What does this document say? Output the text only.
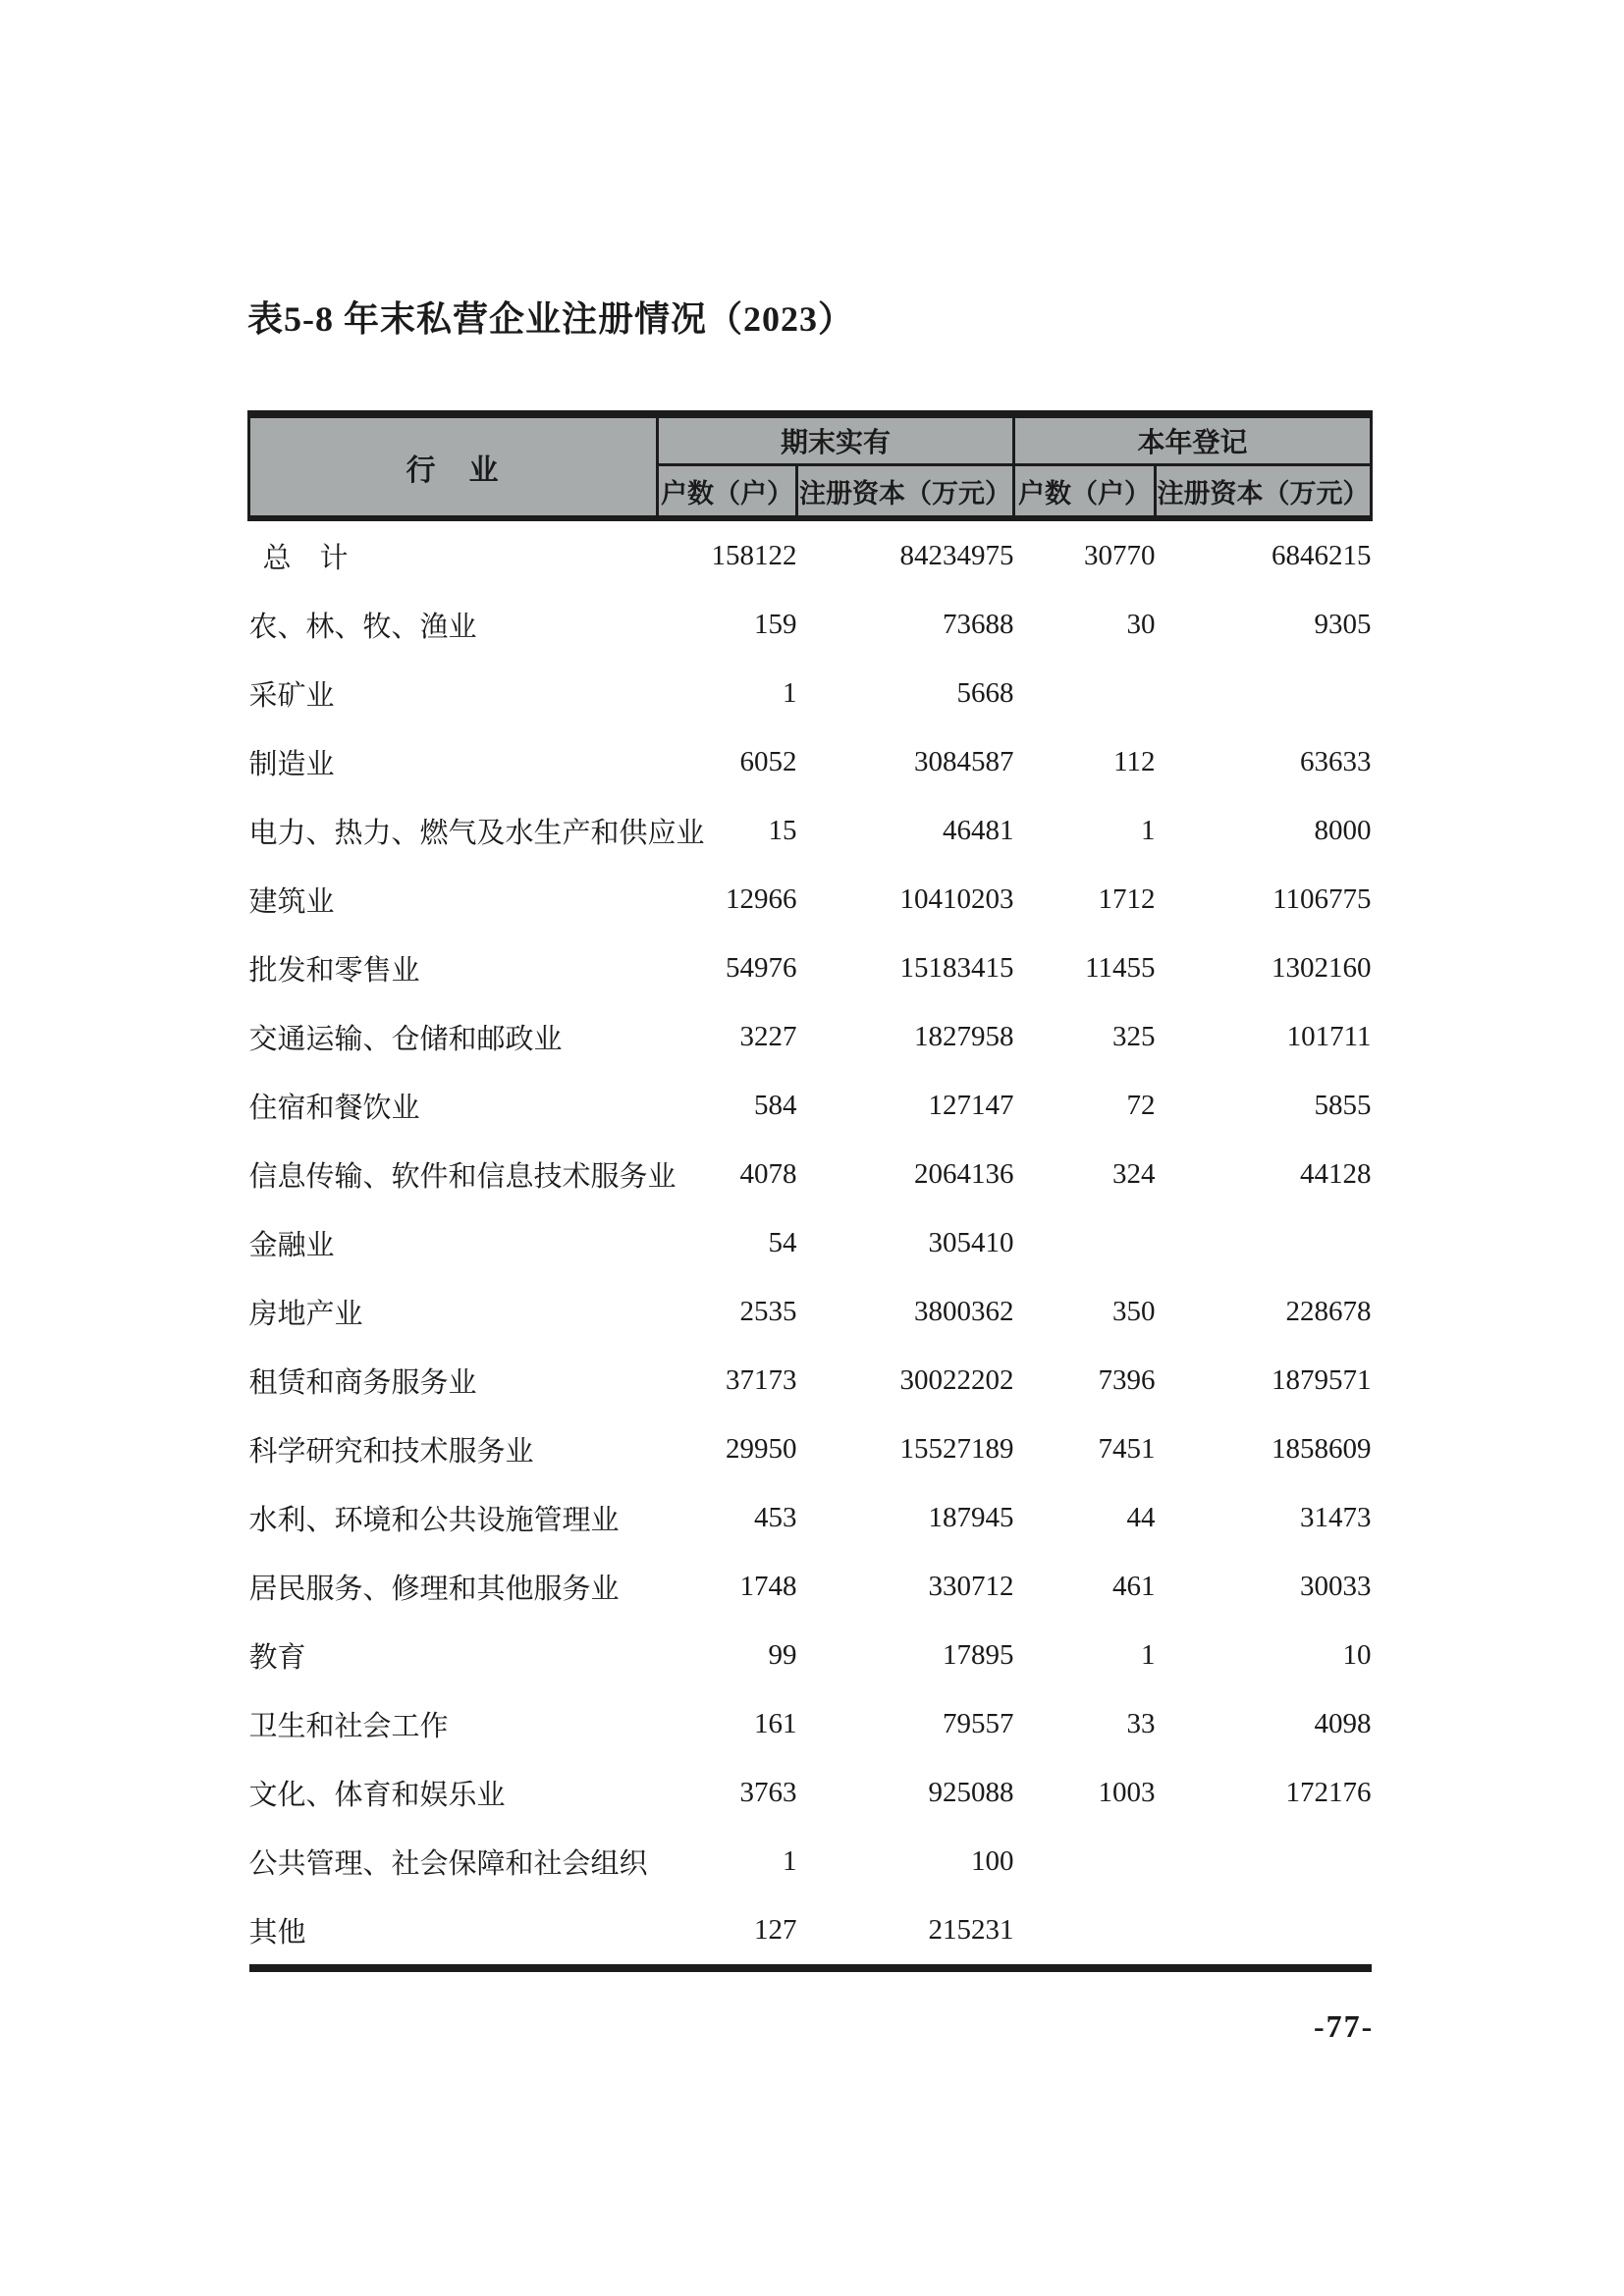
表5-8 年末私营企业注册情况（2023）
行　业	期末实有		本年登记	
	户数（户）	注册资本（万元）	户数（户）	注册资本（万元）
总　计	158122	84234975	30770	6846215
农、林、牧、渔业	159	73688	30	9305
采矿业	1	5668		
制造业	6052	3084587	112	63633
电力、热力、燃气及水生产和供应业	15	46481	1	8000
建筑业	12966	10410203	1712	1106775
批发和零售业	54976	15183415	11455	1302160
交通运输、仓储和邮政业	3227	1827958	325	101711
住宿和餐饮业	584	127147	72	5855
信息传输、软件和信息技术服务业	4078	2064136	324	44128
金融业	54	305410		
房地产业	2535	3800362	350	228678
租赁和商务服务业	37173	30022202	7396	1879571
科学研究和技术服务业	29950	15527189	7451	1858609
水利、环境和公共设施管理业	453	187945	44	31473
居民服务、修理和其他服务业	1748	330712	461	30033
教育	99	17895	1	10
卫生和社会工作	161	79557	33	4098
文化、体育和娱乐业	3763	925088	1003	172176
公共管理、社会保障和社会组织	1	100		
其他	127	215231		
-77-
